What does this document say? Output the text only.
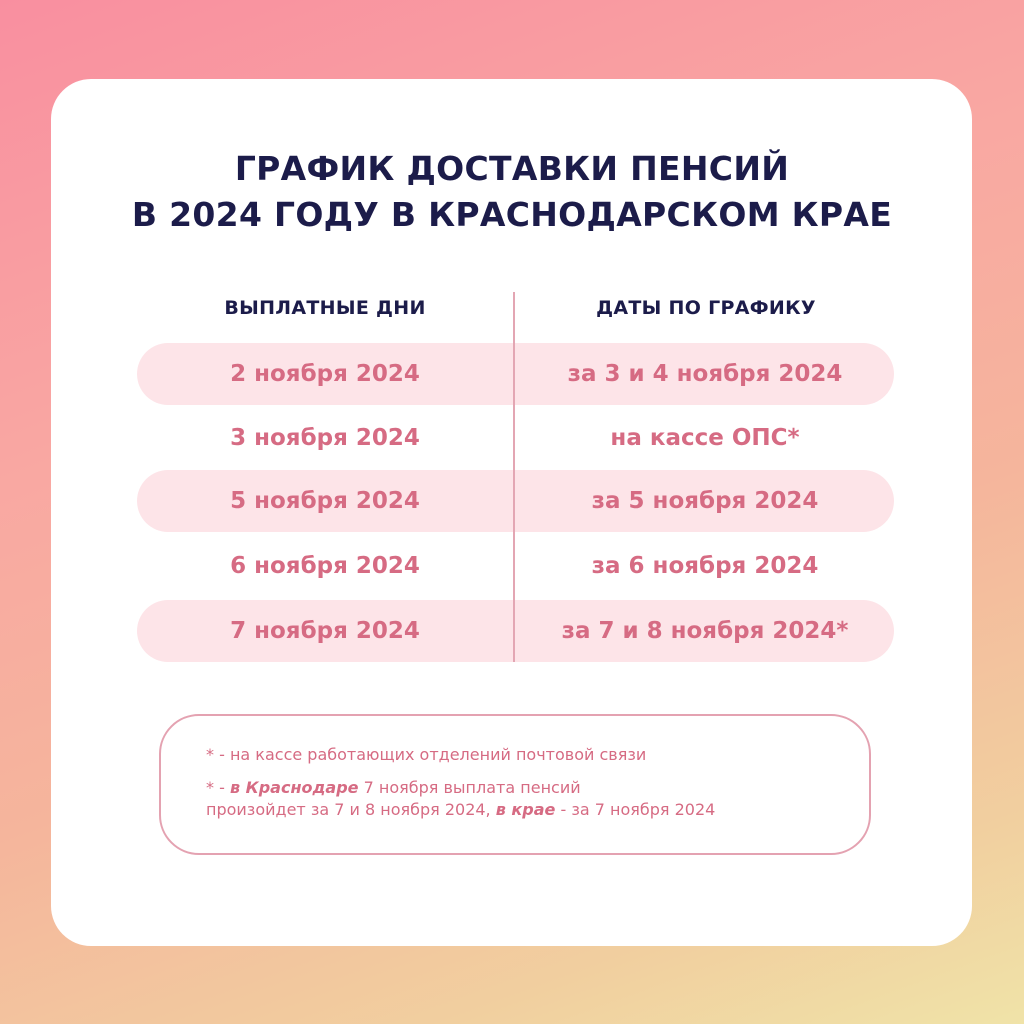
ГРАФИК ДОСТАВКИ ПЕНСИЙ
В 2024 ГОДУ В КРАСНОДАРСКОМ КРАЕ
ВЫПЛАТНЫЕ ДНИ	ДАТЫ ПО ГРАФИКУ
2 ноября 2024	за 3 и 4 ноября 2024
3 ноября 2024	на кассе ОПС*
5 ноября 2024	за 5 ноября 2024
6 ноября 2024	за 6 ноября 2024
7 ноября 2024	за 7 и 8 ноября 2024*
* - на кассе работающих отделений почтовой связи
* - в Краснодаре 7 ноября выплата пенсий
произойдет за 7 и 8 ноября 2024, в крае - за 7 ноября 2024
